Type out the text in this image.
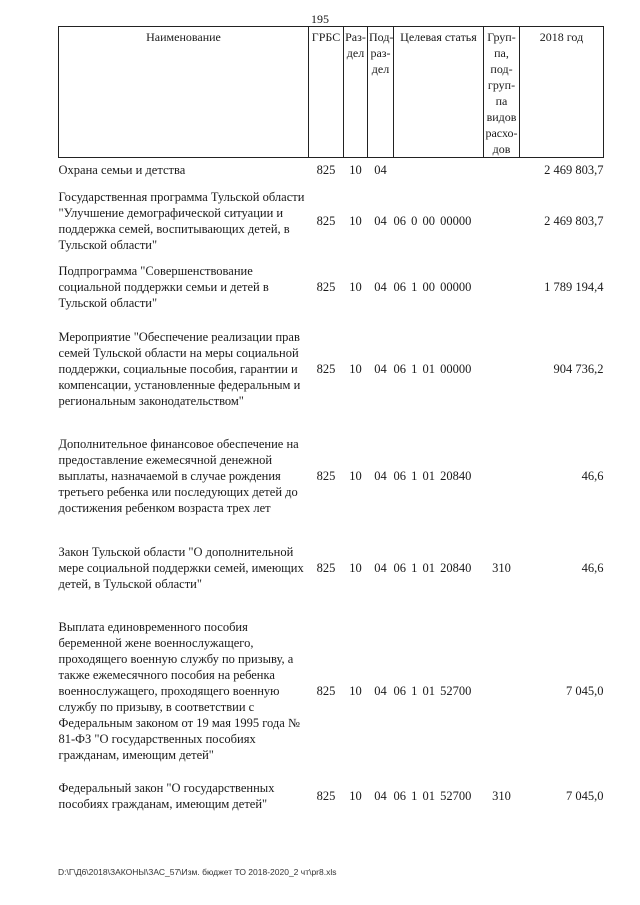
195
Наименование	ГРБС	Раз-дел	Под-раз-дел	Целевая статья	Груп-па, под-груп-па видов расхо-дов	2018 год
Охрана семьи и детства	825	10	04			2 469 803,7
Государственная программа Тульской области "Улучшение демографической ситуации и поддержка семей, воспитывающих детей, в Тульской области"	825	10	04	06 0 00 00000		2 469 803,7
Подпрограмма "Совершенствование социальной поддержки семьи и детей в Тульской области"	825	10	04	06 1 00 00000		1 789 194,4
Мероприятие "Обеспечение реализации прав семей Тульской области на меры социальной поддержки, социальные пособия, гарантии и компенсации, установленные федеральным и региональным законодательством"	825	10	04	06 1 01 00000		904 736,2
Дополнительное финансовое обеспечение на предоставление ежемесячной денежной выплаты, назначаемой в случае рождения третьего ребенка или последующих детей до достижения ребенком возраста трех лет	825	10	04	06 1 01 20840		46,6
Закон Тульской области "О дополнительной мере социальной поддержки семей, имеющих детей, в Тульской области"	825	10	04	06 1 01 20840	310	46,6
Выплата единовременного пособия беременной жене военнослужащего, проходящего военную службу по призыву, а также ежемесячного пособия на ребенка военнослужащего, проходящего военную службу по призыву, в соответствии с Федеральным законом от 19 мая 1995 года № 81-ФЗ "О государственных пособиях гражданам, имеющим детей"	825	10	04	06 1 01 52700		7 045,0
Федеральный закон "О государственных пособиях гражданам, имеющим детей"	825	10	04	06 1 01 52700	310	7 045,0
D:\Г\Д6\2018\ЗАКОНЫ\ЗАС_57\Изм. бюджет ТО 2018-2020_2 чт\pr8.xls
